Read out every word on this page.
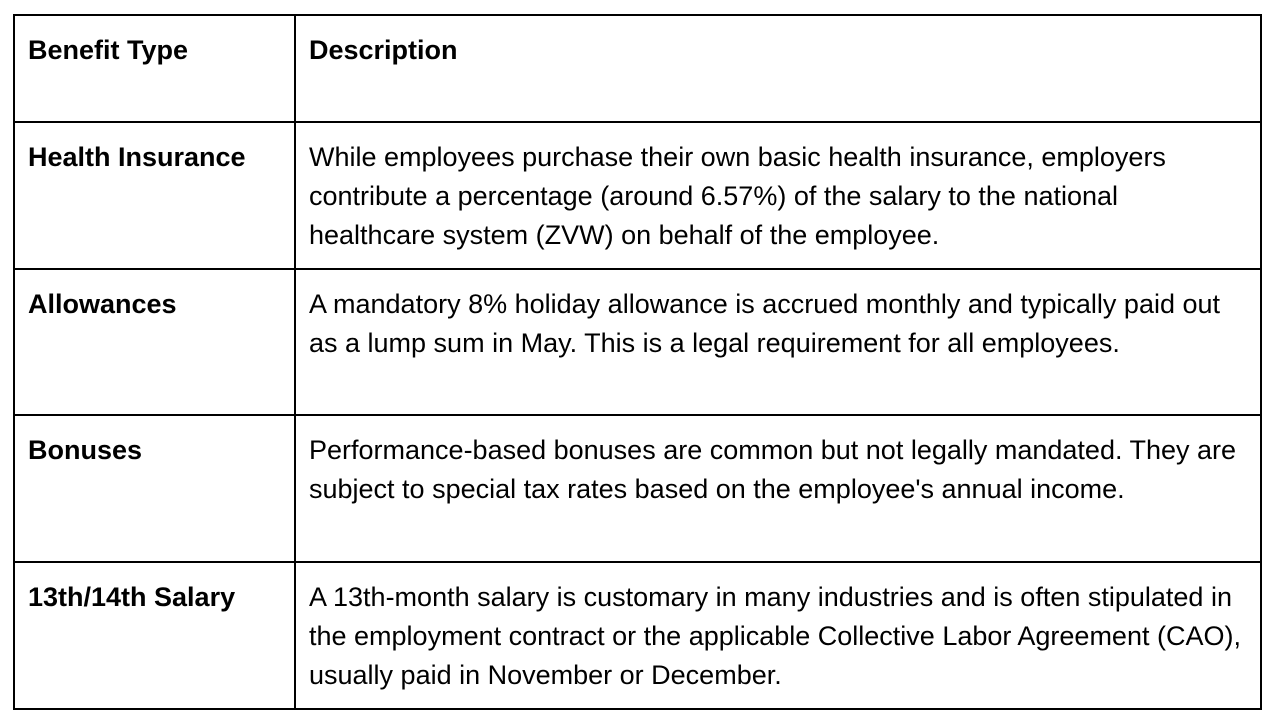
Benefit Type	Description
Health Insurance	While employees purchase their own basic health insurance, employers contribute a percentage (around 6.57%) of the salary to the national healthcare system (ZVW) on behalf of the employee.
Allowances	A mandatory 8% holiday allowance is accrued monthly and typically paid out as a lump sum in May. This is a legal requirement for all employees.
Bonuses	Performance-based bonuses are common but not legally mandated. They are subject to special tax rates based on the employee's annual income.
13th/14th Salary	A 13th-month salary is customary in many industries and is often stipulated in the employment contract or the applicable Collective Labor Agreement (CAO), usually paid in November or December.
